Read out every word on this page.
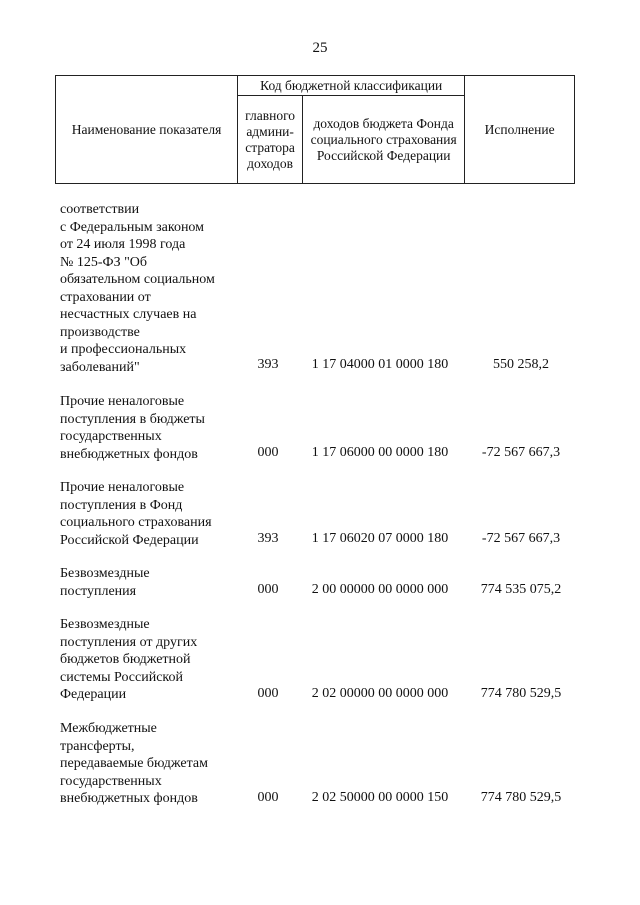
25
Наименование показателя	Код бюджетной классификации		Исполнение
	главного админи-стратора доходов	доходов бюджета Фонда социального страхования Российской Федерации	
соответствии
с Федеральным законом
от 24 июля 1998 года
№ 125-ФЗ "Об
обязательном социальном
страховании от
несчастных случаев на
производстве
и профессиональных
заболеваний"	393	1 17 04000 01 0000 180	550 258,2
Прочие неналоговые
поступления в бюджеты
государственных
внебюджетных фондов	000	1 17 06000 00 0000 180	-72 567 667,3
Прочие неналоговые
поступления в Фонд
социального страхования
Российской Федерации	393	1 17 06020 07 0000 180	-72 567 667,3
Безвозмездные
поступления	000	2 00 00000 00 0000 000	774 535 075,2
Безвозмездные
поступления от других
бюджетов бюджетной
системы Российской
Федерации	000	2 02 00000 00 0000 000	774 780 529,5
Межбюджетные
трансферты,
передаваемые бюджетам
государственных
внебюджетных фондов	000	2 02 50000 00 0000 150	774 780 529,5
